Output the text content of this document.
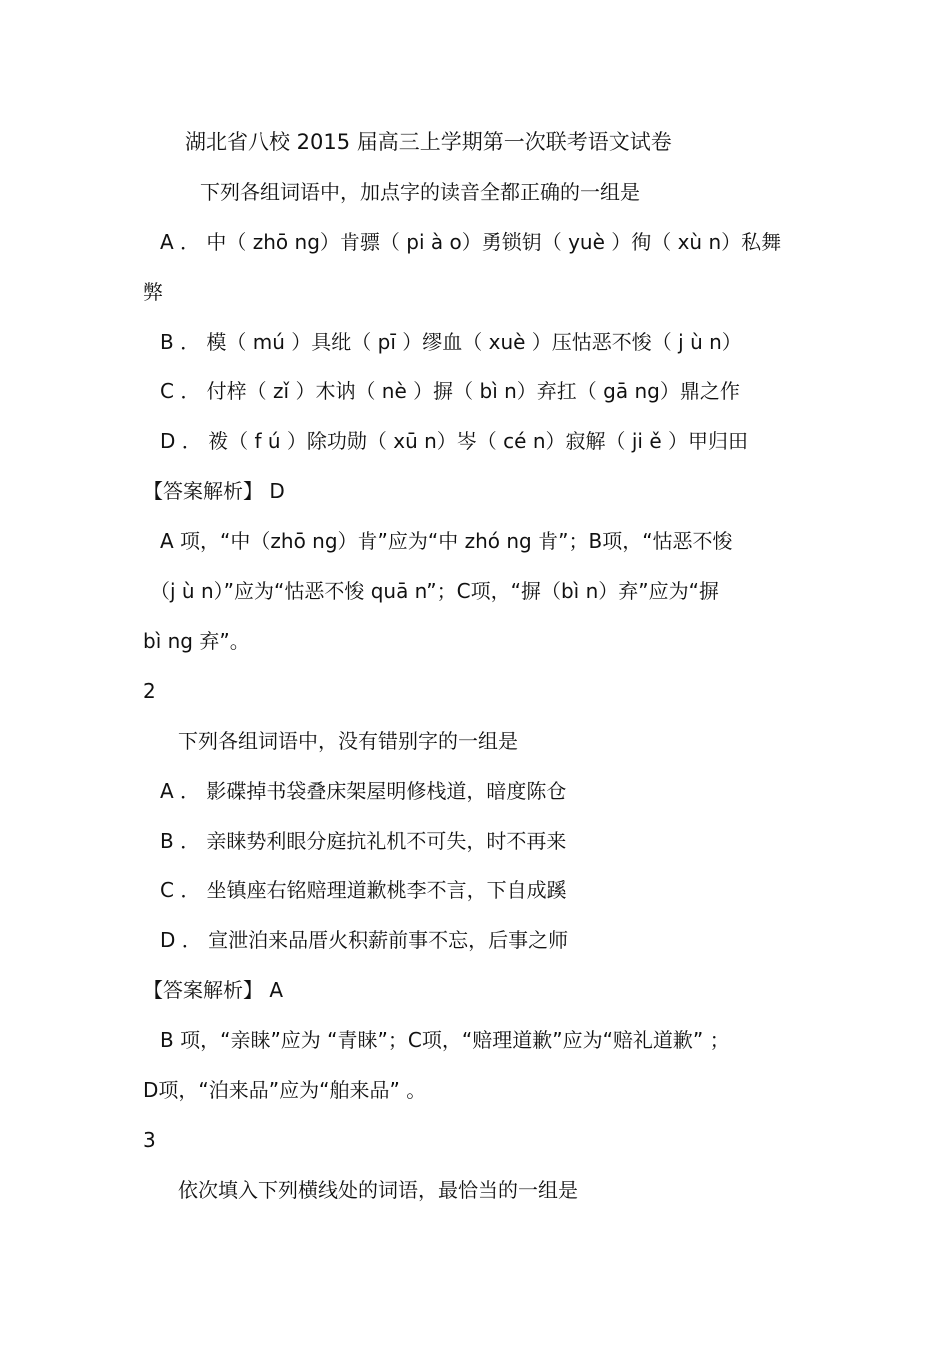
湖北省八校 2015 届高三上学期第一次联考语文试卷
下列各组词语中，加点字的读音全都正确的一组是
A ． 中（ zhō ng）肯骠（ pi à o）勇锁钥（ yuè ）徇（ xù n）私舞
弊
B ． 模（ mú ）具纰（ pī ）缪血（ xuè ）压怙恶不悛（ j ù n）
C ． 付梓（ zǐ ）木讷（ nè ）摒（ bì n）弃扛（ gā ng）鼎之作
D ． 袯（ f ú ）除功勋（ xū n）岑（ cé n）寂解（ ji ě ）甲归田
【答案解析】 D
A 项，“中（zhō ng）肯”应为“中 zhó ng 肯”；B项，“怙恶不悛
（j ù n）”应为“怙恶不悛 quā n”；C项，“摒（bì n）弃”应为“摒
bì ng 弃”。
2
下列各组词语中，没有错别字的一组是
A ． 影碟掉书袋叠床架屋明修栈道，暗度陈仓
B ． 亲睐势利眼分庭抗礼机不可失，时不再来
C ． 坐镇座右铭赔理道歉桃李不言，下自成蹊
D ． 宣泄泊来品厝火积薪前事不忘，后事之师
【答案解析】 A
B 项，“亲睐”应为 “青睐”；C项，“赔理道歉”应为“赔礼道歉” ；
D项，“泊来品”应为“舶来品” 。
3
依次填入下列横线处的词语，最恰当的一组是
